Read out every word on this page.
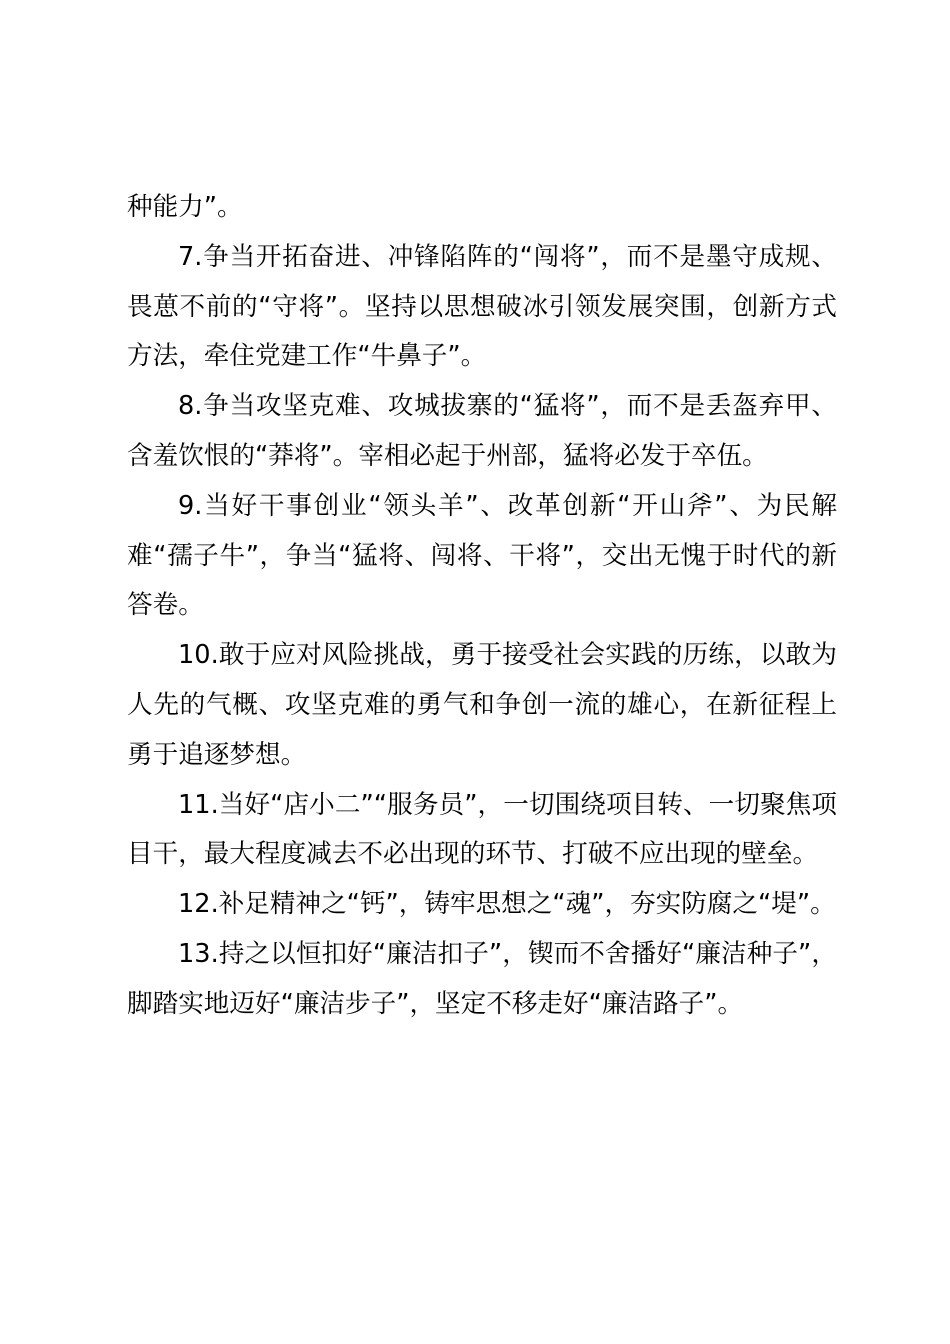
种能力”。

7.争当开拓奋进、冲锋陷阵的“闯将”，而不是墨守成规、畏葸不前的“守将”。坚持以思想破冰引领发展突围，创新方式方法，牵住党建工作“牛鼻子”。

8.争当攻坚克难、攻城拔寨的“猛将”，而不是丢盔弃甲、含羞饮恨的“莽将”。宰相必起于州部，猛将必发于卒伍。

9.当好干事创业“领头羊”、改革创新“开山斧”、为民解难“孺子牛”，争当“猛将、闯将、干将”，交出无愧于时代的新答卷。

10.敢于应对风险挑战，勇于接受社会实践的历练，以敢为人先的气概、攻坚克难的勇气和争创一流的雄心，在新征程上勇于追逐梦想。

11.当好“店小二”“服务员”，一切围绕项目转、一切聚焦项目干，最大程度减去不必出现的环节、打破不应出现的壁垒。

12.补足精神之“钙”，铸牢思想之“魂”，夯实防腐之“堤”。

13.持之以恒扣好“廉洁扣子”，锲而不舍播好“廉洁种子”，脚踏实地迈好“廉洁步子”，坚定不移走好“廉洁路子”。
